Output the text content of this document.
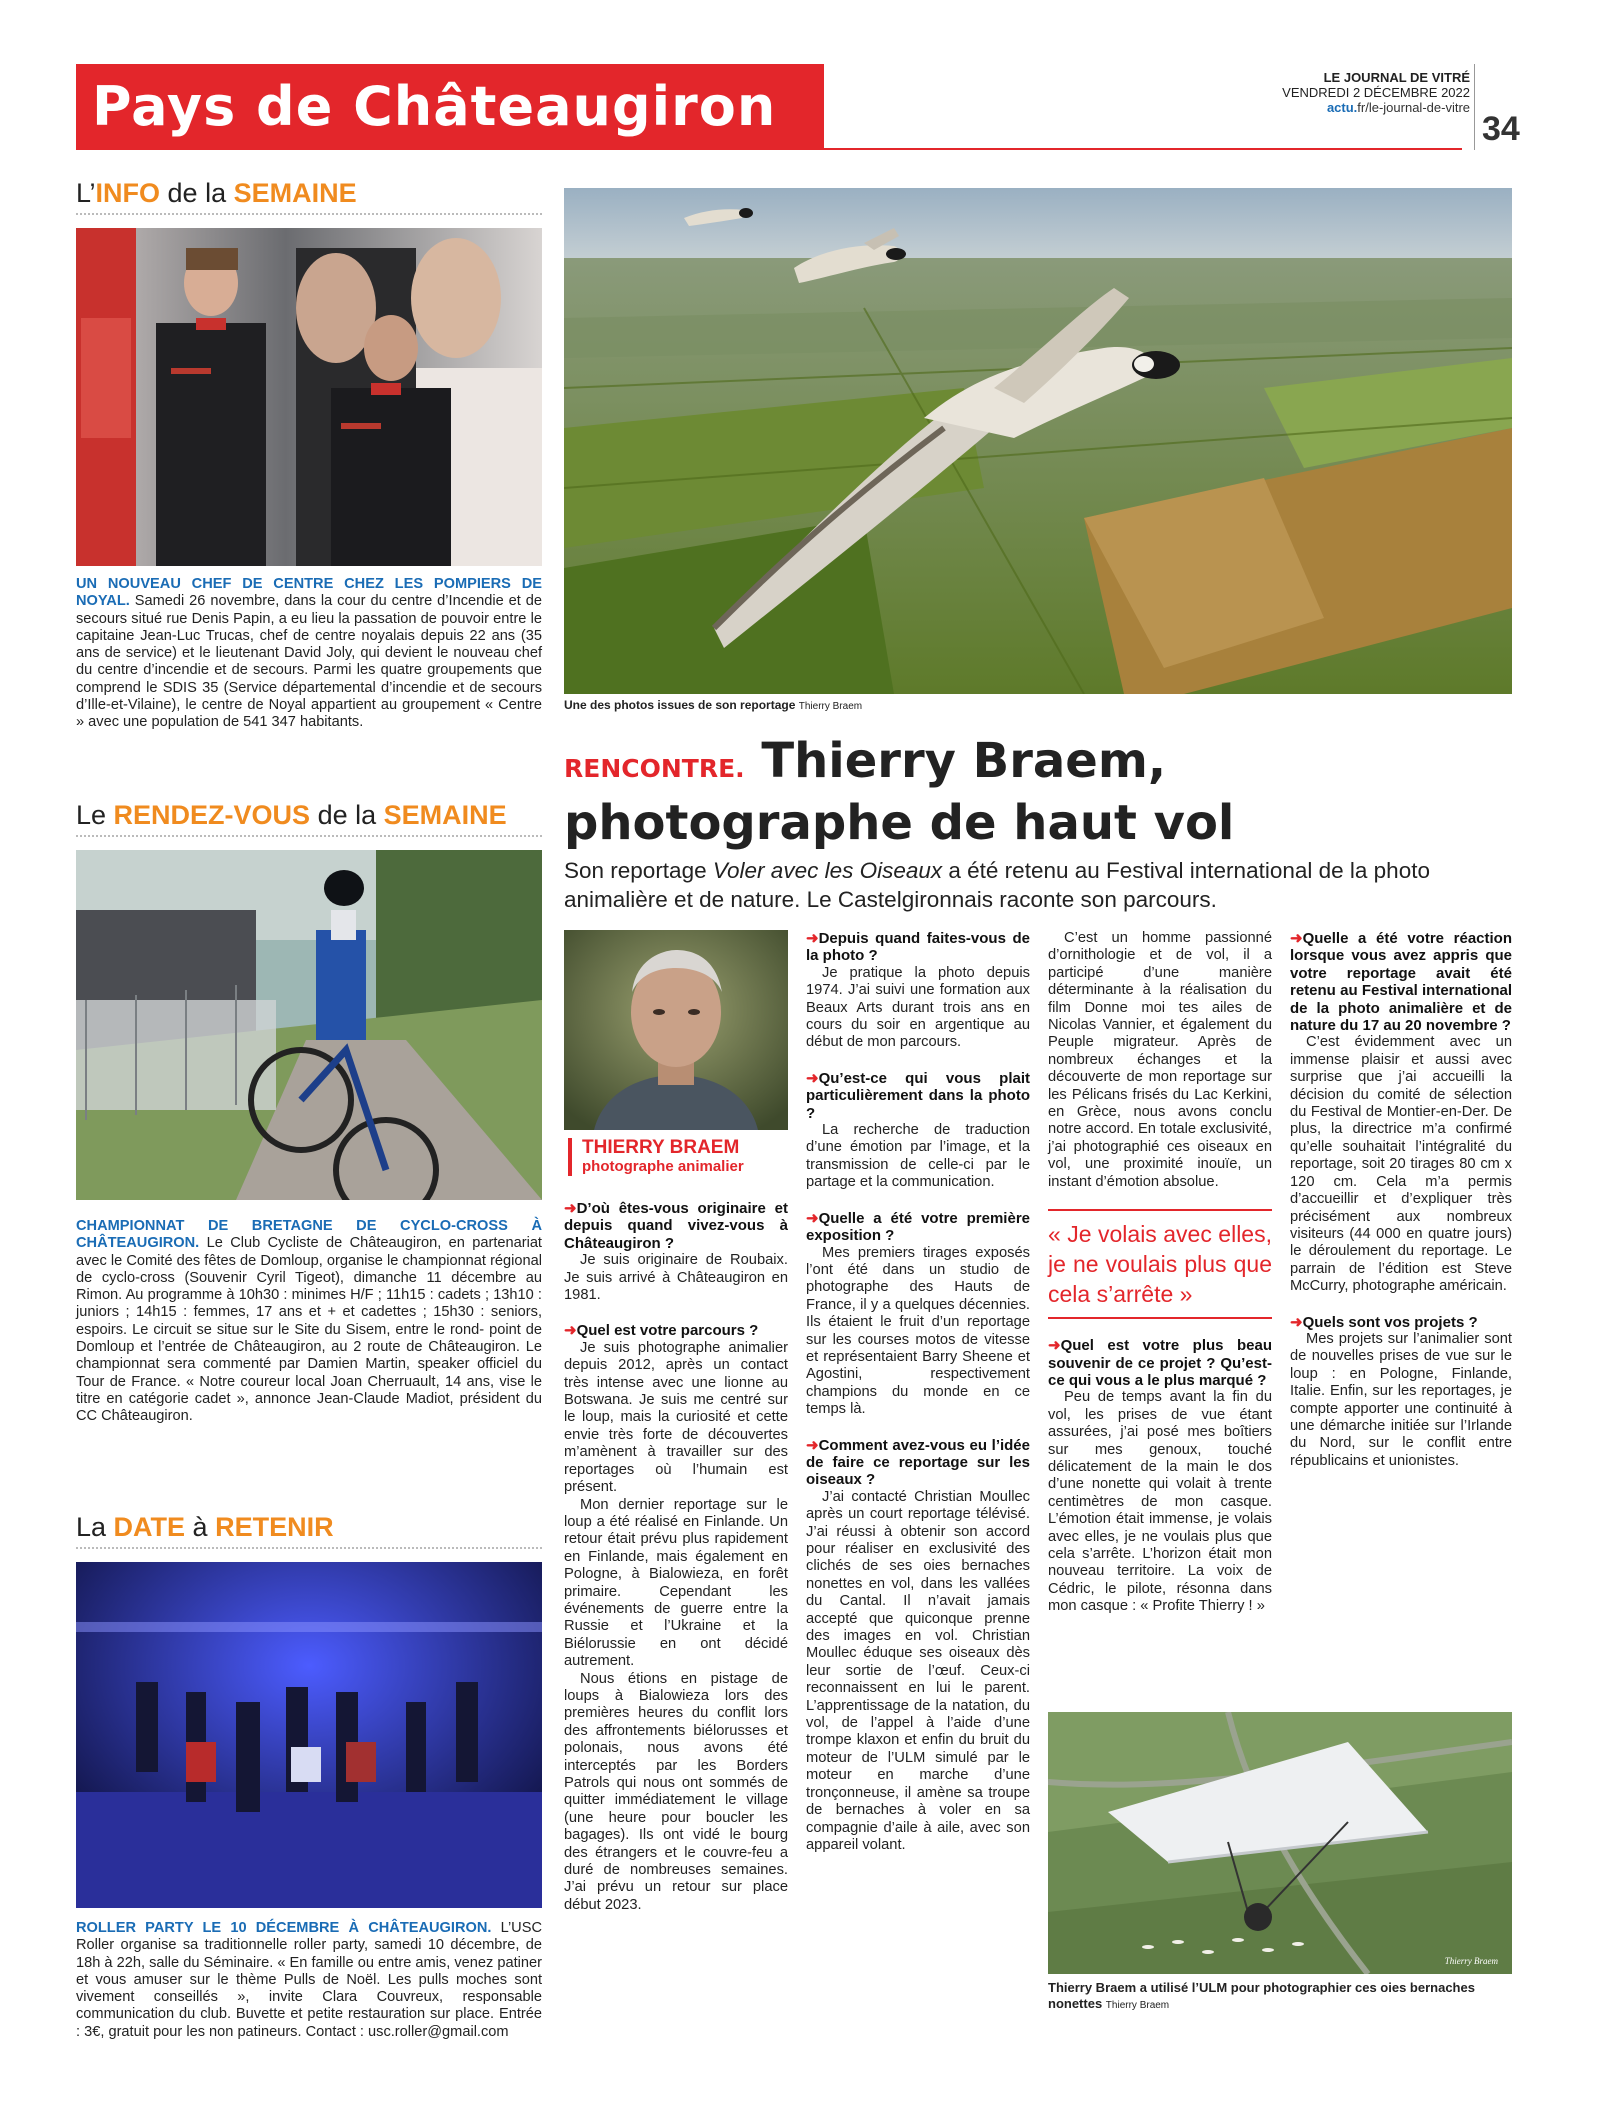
Pays de Châteaugiron	LE JOURNAL DE VITRÉ
VENDREDI 2 DÉCEMBRE 2022
actu.fr/le-journal-de-vitre
34
L’INFO de la SEMAINE
UN NOUVEAU CHEF DE CENTRE CHEZ LES POMPIERS DE NOYAL. Samedi 26 novembre, dans la cour du centre d’Incendie et de secours situé rue Denis Papin, a eu lieu la passation de pouvoir entre le capitaine Jean-Luc Trucas, chef de centre noyalais depuis 22 ans (35 ans de service) et le lieutenant David Joly, qui devient le nouveau chef du centre d’incendie et de secours. Parmi les quatre groupements que comprend le SDIS 35 (Service départemental d’incendie et de secours d’Ille-et-Vilaine), le centre de Noyal appartient au groupement « Centre » avec une population de 541 347 habitants.
Le RENDEZ-VOUS de la SEMAINE
CHAMPIONNAT DE BRETAGNE DE CYCLO-CROSS À CHÂTEAUGIRON. Le Club Cycliste de Châteaugiron, en partenariat avec le Comité des fêtes de Domloup, organise le championnat régional de cyclo-cross (Souvenir Cyril Tigeot), dimanche 11 décembre au Rimon. Au programme à 10h30 : minimes H/F ; 11h15 : cadets ; 13h10 : juniors ; 14h15 : femmes, 17 ans et + et cadettes ; 15h30 : seniors, espoirs. Le circuit se situe sur le Site du Sisem, entre le rond- point de Domloup et l’entrée de Châteaugiron, au 2 route de Châteaugiron. Le championnat sera commenté par Damien Martin, speaker officiel du Tour de France. « Notre coureur local Joan Cherruault, 14 ans, vise le titre en catégorie cadet », annonce Jean-Claude Madiot, président du CC Châteaugiron.
La DATE à RETENIR
ROLLER PARTY LE 10 DÉCEMBRE À CHÂTEAUGIRON. L’USC Roller organise sa traditionnelle roller party, samedi 10 décembre, de 18h à 22h, salle du Séminaire. « En famille ou entre amis, venez patiner et vous amuser sur le thème Pulls de Noël. Les pulls moches sont vivement conseillés », invite Clara Couvreux, responsable communication du club. Buvette et petite restauration sur place. Entrée : 3€, gratuit pour les non patineurs. Contact : usc.roller@gmail.com
Une des photos issues de son reportage Thierry Braem
RENCONTRE. Thierry Braem, photographe de haut vol
Son reportage Voler avec les Oiseaux a été retenu au Festival international de la photo animalière et de nature. Le Castelgironnais raconte son parcours.
THIERRY BRAEM
photographe animalier

➜D’où êtes-vous originaire et depuis quand vivez-vous à Châteaugiron ?

Je suis originaire de Roubaix. Je suis arrivé à Châteaugiron en 1981.

➜Quel est votre parcours ?

Je suis photographe animalier depuis 2012, après un contact très intense avec une lionne au Botswana. Je suis me centré sur le loup, mais la curiosité et cette envie très forte de découvertes m’amènent à travailler sur des reportages où l’humain est présent.

Mon dernier reportage sur le loup a été réalisé en Finlande. Un retour était prévu plus rapidement en Finlande, mais également en Pologne, à Bialowieza, en forêt primaire. Cependant les événements de guerre entre la Russie et l’Ukraine et la Biélorussie en ont décidé autrement.

Nous étions en pistage de loups à Bialowieza lors des premières heures du conflit lors des affrontements biélorusses et polonais, nous avons été interceptés par les Borders Patrols qui nous ont sommés de quitter immédiatement le village (une heure pour boucler les bagages). Ils ont vidé le bourg des étrangers et le couvre-feu a duré de nombreuses semaines. J’ai prévu un retour sur place début 2023.

➜Depuis quand faites-vous de la photo ?

Je pratique la photo depuis 1974. J’ai suivi une formation aux Beaux Arts durant trois ans en cours du soir en argentique au début de mon parcours.

➜Qu’est-ce qui vous plait particulièrement dans la photo ?

La recherche de traduction d’une émotion par l’image, et la transmission de celle-ci par le partage et la communication.

➜Quelle a été votre première exposition ?

Mes premiers tirages exposés l’ont été dans un studio de photographe des Hauts de France, il y a quelques décennies. Ils étaient le fruit d’un reportage sur les courses motos de vitesse et représentaient Barry Sheene et Agostini, respectivement champions du monde en ce temps là.

➜Comment avez-vous eu l’idée de faire ce reportage sur les oiseaux ?

J’ai contacté Christian Moullec après un court reportage télévisé. J’ai réussi à obtenir son accord pour réaliser en exclusivité des clichés de ses oies bernaches nonettes en vol, dans les vallées du Cantal. Il n’avait jamais accepté que quiconque prenne des images en vol. Christian Moullec éduque ses oiseaux dès leur sortie de l’œuf. Ceux-ci reconnaissent en lui le parent. L’apprentissage de la natation, du vol, de l’appel à l’aide d’une trompe klaxon et enfin du bruit du moteur de l’ULM simulé par le moteur en marche d’une tronçonneuse, il amène sa troupe de bernaches à voler en sa compagnie d’aile à aile, avec son appareil volant.

C’est un homme passionné d’ornithologie et de vol, il a participé d’une manière déterminante à la réalisation du film Donne moi tes ailes de Nicolas Vannier, et également du Peuple migrateur. Après de nombreux échanges et la découverte de mon reportage sur les Pélicans frisés du Lac Kerkini, en Grèce, nous avons conclu notre accord. En totale exclusivité, j’ai photographié ces oiseaux en vol, une proximité inouïe, un instant d’émotion absolue.

« Je volais avec elles, je ne voulais plus que cela s’arrête »

➜Quel est votre plus beau souvenir de ce projet ? Qu’est-ce qui vous a le plus marqué ?

Peu de temps avant la fin du vol, les prises de vue étant assurées, j’ai posé mes boîtiers sur mes genoux, touché délicatement de la main le dos d’une nonette qui volait à trente centimètres de mon casque. L’émotion était immense, je volais avec elles, je ne voulais plus que cela s’arrête. L’horizon était mon nouveau territoire. La voix de Cédric, le pilote, résonna dans mon casque : « Profite Thierry ! »

➜Quelle a été votre réaction lorsque vous avez appris que votre reportage avait été retenu au Festival international de la photo animalière et de nature du 17 au 20 novembre ?

C’est évidemment avec un immense plaisir et aussi avec surprise que j’ai accueilli la décision du comité de sélection du Festival de Montier-en-Der. De plus, la directrice m’a confirmé qu’elle souhaitait l’intégralité du reportage, soit 20 tirages 80 cm x 120 cm. Cela m’a permis d’accueillir et d’expliquer très précisément aux nombreux visiteurs (44 000 en quatre jours) le déroulement du reportage. Le parrain de l’édition est Steve McCurry, photographe américain.

➜Quels sont vos projets ?

Mes projets sur l’animalier sont de nouvelles prises de vue sur le loup : en Pologne, Finlande, Italie. Enfin, sur les reportages, je compte apporter une continuité à une démarche initiée sur l’Irlande du Nord, sur le conflit entre républicains et unionistes.

Thierry Braem
Thierry Braem a utilisé l’ULM pour photographier ces oies bernaches nonettes Thierry Braem
